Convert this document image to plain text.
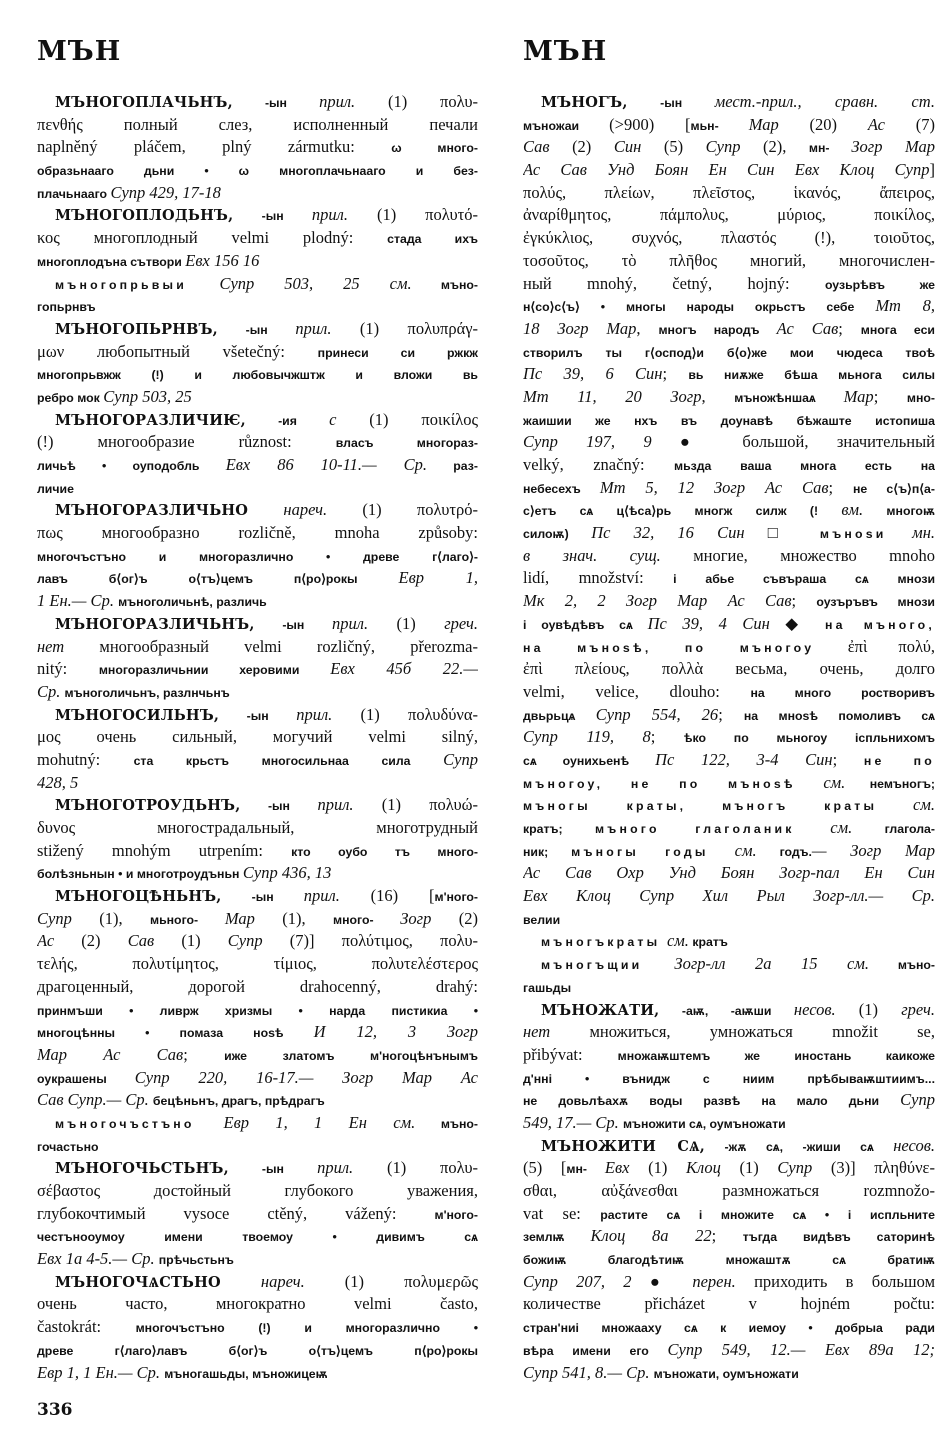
МЪН	МЪН
МЪНОГОПЛАЧЬНЪ, -ын прил. (1) πολυ-
πενθής полный слез, исполненный печали
naplněný pláčem, plný zármutku: ω много-
образьнааго дьни • ω многоплачьнааго и без-
плачьнааго Супр 429, 17-18
МЪНОГОПЛОДЬНЪ, -ын прил. (1) πολυτό-
κος многоплодный velmi plodný: стада ихъ
многоплодъна сътвори Евх 156 16
мъногопрьвыи Супр 503, 25 см. мъно-
гопьрнвъ
МЪНОГОПЬРНВЪ, -ын прил. (1) πολυπράγ-
μων любопытный všetečný: принеси си ржкж
многопрьвжж (!) и любовычжштж и вложи вь
ребро мок Супр 503, 25
МЪНОГОРАЗЛИЧИѤ, -ия с (1) ποικίλος
(!) многообразие různost: власъ многораз-
личьѣ • оуподобль Евх 86 10-11.— Ср. раз-
личие
МЪНОГОРАЗЛИЧЬНО нареч. (1) πολυτρό-
πως многообразно rozličně, mnoha způsoby:
многочъстъно и многоразлично • древе г⟨лаго⟩-
лавъ б⟨ог⟩ъ о⟨тъ⟩цемъ п⟨ро⟩рокы Евр 1,
1 Ен.— Ср. мъноголичьнѣ, различь
МЪНОГОРАЗЛИЧЬНЪ, -ын прил. (1) греч.
нет многообразный velmi rozličný, přerozma-
nitý: многоразличьнии херовими Евх 45б 22.—
Ср. мъноголичьнъ, разлнчьнъ
МЪНОГОСИЛЬНЪ, -ын прил. (1) πολυδύνα-
μος очень сильный, могучий velmi silný,
mohutný: ста крьстъ многосильнаа сила Супр
428, 5
МЪНОГОТРОУДЬНЪ, -ын прил. (1) πολυώ-
δυνος многострадальный, многотрудный
stižený mnohým utrpením: кто оубо тъ много-
болѣзньнын • и многотроудъньн Супр 436, 13
МЪНОГОЦѢНЬНЪ, -ын прил. (16) [м'ного-
Супр (1), мьного- Мар (1), много- Зогр (2)
Ас (2) Сав (1) Супр (7)] πολύτιμος, πολυ-
τελής, πολυτίμητος, τίμιος, πολυτελέστερος
драгоценный, дорогой drahocenný, drahý:
принмъши • ливрж хризмы • нарда пистикиа •
многоцѣнны • помаза ноѕѣ И 12, 3 Зогр
Мар Ас Сав; иже златомъ м'ногоцѣнънымъ
оукрашены Супр 220, 16-17.— Зогр Мар Ас
Сав Супр.— Ср. бецѣньнъ, драгъ, прѣдрагъ
мъногочъстъно Евр 1, 1 Ен см. мъно-
гочастьно
МЪНОГОЧЬСТЬНЪ, -ын прил. (1) πολυ-
σέβαστος достойный глубокого уважения,
глубокочтимый vysoce ctěný, vážený: м'ного-
честънооумоу имени твоемоу • дивимъ сѧ
Евх 1а 4-5.— Ср. прѣчьстьнъ
МЪНОГОЧѦСТЬНО нареч. (1) πολυμερῶς
очень часто, многократно velmi často,
častokrát: многочъстъно (!) и многоразлично •
древе г⟨лаго⟩лавъ б⟨ог⟩ъ о⟨тъ⟩цемъ п⟨ро⟩рокы
Евр 1, 1 Ен.— Ср. мъногашьды, мъножицеѭ
МЪНОГЪ, -ын мест.-прил., сравн. ст.
мъножаи (>900) [мьн- Мар (20) Ас (7)
Сав (2) Син (5) Супр (2), мн- Зогр Мар
Ас Сав Унд Боян Ен Син Евх Клоц Супр]
πολύς, πλείων, πλεῖστος, ἱκανός, ἄπειρος,
ἀναρίθμητος, πάμπολυς, μύριος, ποικίλος,
ἐγκύκλιος, συχνός, πλαστός (!), τοιοῦτος,
τοσοῦτος, τὸ πλῆθος многий, многочислен-
ный mnohý, četný, hojný: оузьрѣвъ же
н⟨со⟩с⟨ъ⟩ • многы народы окрьстъ себе Мт 8,
18 Зогр Мар, многъ народъ Ас Сав; многа еси
створилъ ты г⟨оспод⟩и б⟨о⟩же мои чюдеса твоѣ
Пс 39, 6 Син; вь ниѫже бѣша мьнога силы
Мт 11, 20 Зогр, мъножѣншаѧ Мар; мно-
жаишии же нхъ въ доунавѣ бѣжаште истопиша
Супр 197, 9 ● большой, значительный
velký, značný: мьзда ваша многа есть на
небесехъ Мт 5, 12 Зогр Ас Сав; не с⟨ъ⟩п⟨а-
с⟩етъ сѧ ц⟨ѣса⟩рь многж силж (! вм. многоѭ
силоѭ) Пс 32, 16 Син □ мъноѕи мн.
в знач. сущ. многие, множество mnoho
lidí, množství: і абье съвъраша сѧ мнози
Мк 2, 2 Зогр Мар Ас Сав; оузъръвъ мнози
і оувѣдѣвъ сѧ Пс 39, 4 Син ◆ на мъного,
на мъноѕѣ, по мъногоу ἐπὶ πολύ,
ἐπὶ πλείους, πολλὰ весьма, очень, долго
velmi, velice, dlouho: на много ростворивъ
двьрьцѧ Супр 554, 26; на мноѕѣ помоливъ сѧ
Супр 119, 8; ѣко по мьногоу іспльнихомъ
сѧ оунихьенѣ Пс 122, 3-4 Син; не по
мъногоу, не по мъноѕѣ см. немъногъ;
мъногы краты, мъногъ краты см.
кратъ; мъного глаголаник см. глагола-
ник; мъногы годы см. годъ.— Зогр Мар
Ас Сав Охр Унд Боян Зогр-пал Ен Син
Евх Клоц Супр Хил Рыл Зогр-лл.— Ср.
велии
мъногъкраты см. кратъ
мъногъщии Зогр-лл 2а 15 см. мъно-
гашьды
МЪНОЖАТИ, -аѭ, -аѭши несов. (1) греч.
нет множиться, умножаться množit se,
přibývat: множаѭштемъ же иностань каикоже
д'нні • вънидж с ниим прѣбываѭштиимъ...
не довьлѣахѫ воды развѣ на мало дьни Супр
549, 17.— Ср. мъножити сѧ, оумъножати
МЪНОЖИТИ СѦ, -жѫ сѧ, -жиши сѧ несов.
(5) [мн- Евх (1) Клоц (1) Супр (3)] πληθύνε-
σθαι, αὐξάνεσθαι размножаться rozmnožo-
vat se: растите сѧ і множите сѧ • і испльните
землѭ Клоц 8а 22; тъгда видѣвъ саторинѣ
божиѭ благодѣтиѭ множаштѫ сѧ братиѭ
Супр 207, 2 ● перен. приходить в большом
количестве přicházet v hojném počtu:
стран'ниі множааху сѧ к иемоу • добрыа ради
вѣра имени его Супр 549, 12.— Евх 89а 12;
Супр 541, 8.— Ср. мъножати, оумъножати
336
